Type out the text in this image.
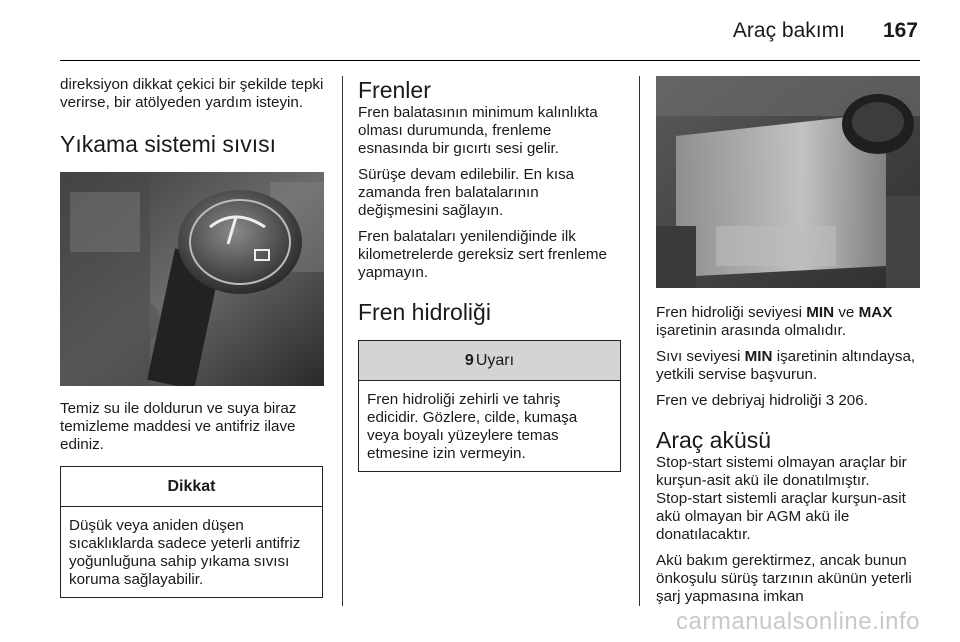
Araç bakımı 167

direksiyon dikkat çekici bir şekilde tepki verirse, bir atölyeden yardım isteyin.

Yıkama sistemi sıvısı

Temiz su ile doldurun ve suya biraz temizleme maddesi ve antifriz ilave ediniz.

Dikkat

Düşük veya aniden düşen sıcaklıklarda sadece yeterli antifriz yoğunluğuna sahip yıkama sıvısı koruma sağlayabilir.

Frenler

Fren balatasının minimum kalınlıkta olması durumunda, frenleme esnasında bir gıcırtı sesi gelir.

Sürüşe devam edilebilir. En kısa zamanda fren balatalarının değişmesini sağlayın.

Fren balataları yenilendiğinde ilk kilometrelerde gereksiz sert frenleme yapmayın.

Fren hidroliği
9 Uyarı

Fren hidroliği zehirli ve tahriş edicidir. Gözlere, cilde, kumaşa veya boyalı yüzeylere temas etmesine izin vermeyin.

Fren hidroliği seviyesi MIN ve MAX işaretinin arasında olmalıdır.

Sıvı seviyesi MIN işaretinin altındaysa, yetkili servise başvurun.

Fren ve debriyaj hidroliği 3 206.

Araç aküsü

Stop-start sistemi olmayan araçlar bir kurşun-asit akü ile donatılmıştır.

Stop-start sistemli araçlar kurşun-asit akü olmayan bir AGM akü ile donatılacaktır.

Akü bakım gerektirmez, ancak bunun önkoşulu sürüş tarzının akünün yeterli şarj yapmasına imkan

carmanualsonline.info
